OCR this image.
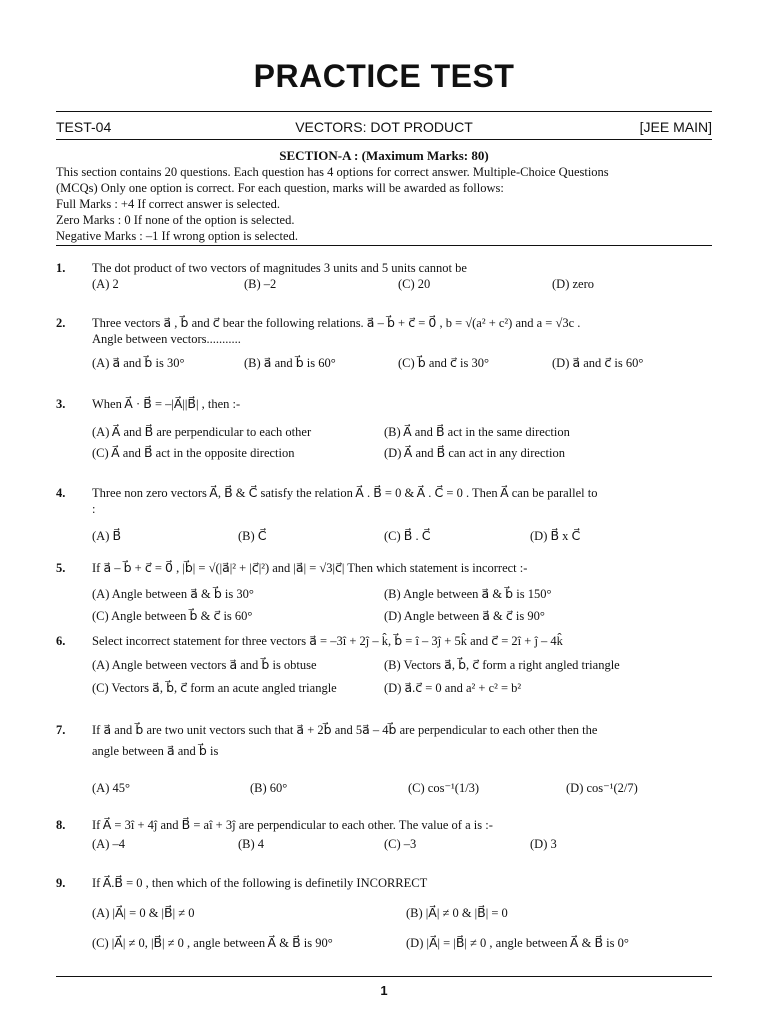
PRACTICE TEST
TEST-04	VECTORS: DOT PRODUCT	[JEE MAIN]
SECTION-A : (Maximum Marks: 80)
This section contains 20 questions. Each question has 4 options for correct answer. Multiple-Choice Questions
(MCQs) Only one option is correct. For each question, marks will be awarded as follows:
Full Marks : +4 If correct answer is selected.
Zero Marks : 0 If none of the option is selected.
Negative Marks : –1 If wrong option is selected.
1. The dot product of two vectors of magnitudes 3 units and 5 units cannot be
(A) 2	(B) –2	(C) 20	(D) zero
2. Three vectors a⃗ , b⃗ and c⃗ bear the following relations. a⃗ – b⃗ + c⃗ = 0⃗ , b = √(a² + c²) and a = √3c .
Angle between vectors...........
(A) a⃗ and b⃗ is 30°	(B) a⃗ and b⃗ is 60°	(C) b⃗ and c⃗ is 30°	(D) a⃗ and c⃗ is 60°
3. When A⃗ · B⃗ = –|A⃗||B⃗| , then :-
(A) A⃗ and B⃗ are perpendicular to each other	(B) A⃗ and B⃗ act in the same direction
(C) A⃗ and B⃗ act in the opposite direction	(D) A⃗ and B⃗ can act in any direction
4. Three non zero vectors A⃗, B⃗ & C⃗ satisfy the relation A⃗ . B⃗ = 0 & A⃗ . C⃗ = 0 . Then A⃗ can be parallel to
:
(A) B⃗	(B) C⃗	(C) B⃗ . C⃗	(D) B⃗ x C⃗
5. If a⃗ – b⃗ + c⃗ = 0⃗ , |b⃗| = √(|a⃗|² + |c⃗|²) and |a⃗| = √3|c⃗| Then which statement is incorrect :-
(A) Angle between a⃗ & b⃗ is 30°	(B) Angle between a⃗ & b⃗ is 150°
(C) Angle between b⃗ & c⃗ is 60°	(D) Angle between a⃗ & c⃗ is 90°
6. Select incorrect statement for three vectors a⃗ = –3î + 2ĵ – k̂, b⃗ = î – 3ĵ + 5k̂ and c⃗ = 2î + ĵ – 4k̂
(A) Angle between vectors a⃗ and b⃗ is obtuse	(B) Vectors a⃗, b⃗, c⃗ form a right angled triangle
(C) Vectors a⃗, b⃗, c⃗ form an acute angled triangle	(D) a⃗.c⃗ = 0 and a² + c² = b²
7. If a⃗ and b⃗ are two unit vectors such that a⃗ + 2b⃗ and 5a⃗ – 4b⃗ are perpendicular to each other then the
angle between a⃗ and b⃗ is
(A) 45°	(B) 60°	(C) cos⁻¹(1/3)	(D) cos⁻¹(2/7)
8. If A⃗ = 3î + 4ĵ and B⃗ = aî + 3ĵ are perpendicular to each other. The value of a is :-
(A) –4	(B) 4	(C) –3	(D) 3
9. If A⃗.B⃗ = 0 , then which of the following is definetily INCORRECT
(A) |A⃗| = 0 & |B⃗| ≠ 0	(B) |A⃗| ≠ 0 & |B⃗| = 0
(C) |A⃗| ≠ 0, |B⃗| ≠ 0 , angle between A⃗ & B⃗ is 90°	(D) |A⃗| = |B⃗| ≠ 0 , angle between A⃗ & B⃗ is 0°
1
